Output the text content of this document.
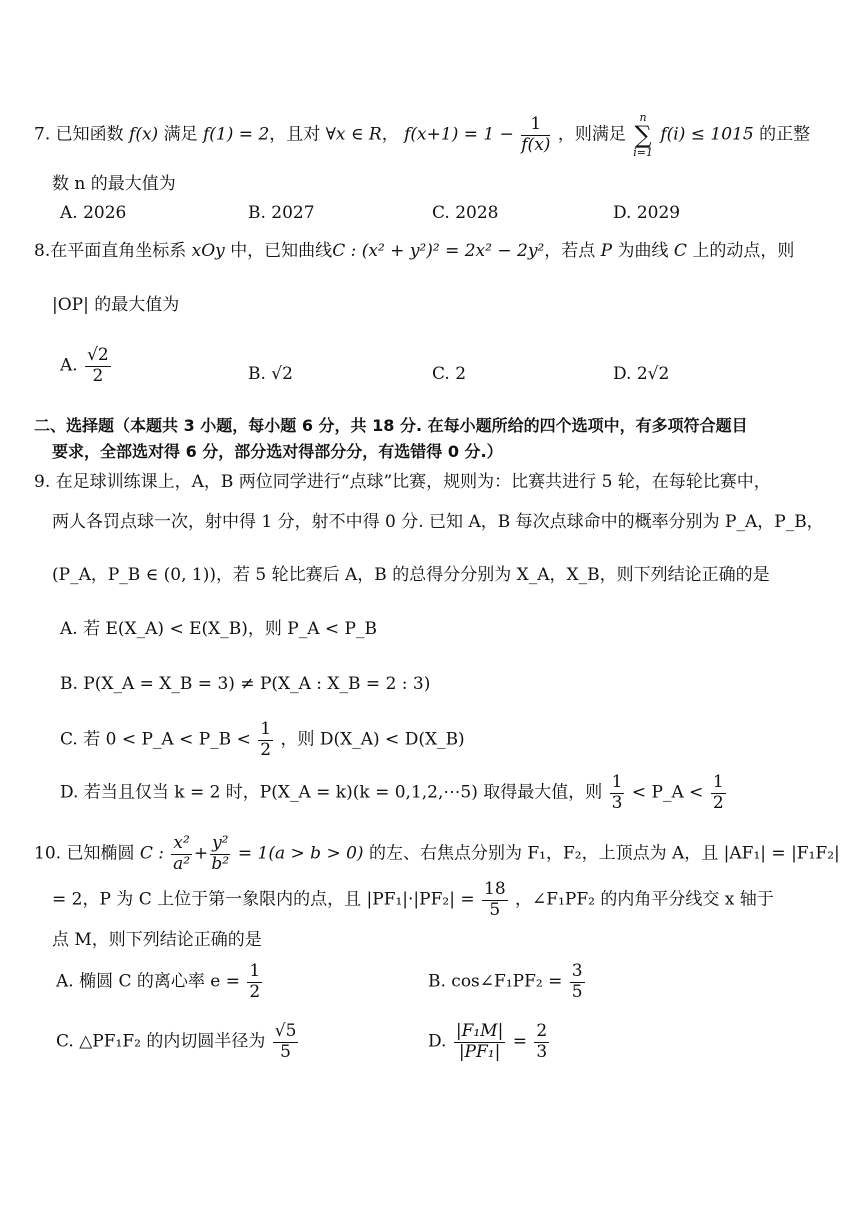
7. 已知函数 f(x) 满足 f(1) = 2，且对 ∀x ∈ R， $f(x+1) = 1 - \frac{1}{f(x)}$ ，则满足 n
∑
i=1 f(i) ≤ 1015 的正整
数 n 的最大值为
A. 2026	B. 2027	C. 2028	D. 2029
8.在平面直角坐标系 xOy 中，已知曲线C : (x² + y²)² = 2x² − 2y²，若点 P 为曲线 C 上的动点，则
|OP| 的最大值为
A. $\frac{√2}{2}$	B. √2	C. 2	D. 2√2
二、选择题（本题共 3 小题，每小题 6 分，共 18 分. 在每小题所给的四个选项中，有多项符合题目
要求，全部选对得 6 分，部分选对得部分分，有选错得 0 分.）
9. 在足球训练课上，A，B 两位同学进行“点球”比赛，规则为：比赛共进行 5 轮，在每轮比赛中，
两人各罚点球一次，射中得 1 分，射不中得 0 分. 已知 A，B 每次点球命中的概率分别为 P_A，P_B，
(P_A，P_B ∈ (0, 1))，若 5 轮比赛后 A，B 的总得分分别为 X_A，X_B，则下列结论正确的是
A. 若 E(X_A) < E(X_B)，则 P_A < P_B
B. P(X_A = X_B = 3) ≠ P(X_A : X_B = 2 : 3)
C. 若 0 < P_A < P_B < $\frac{1}{2}$ ，则 D(X_A) < D(X_B)
D. 若当且仅当 k = 2 时，P(X_A = k)(k = 0,1,2,⋯5) 取得最大值，则 $\frac{1}{3}$ < P_A < $\frac{1}{2}$
10. 已知椭圆 C : $\frac{\text{x²}}{\text{a²}} + \frac{\text{y²}}{\text{b²}} = 1(a > b > 0)$ 的左、右焦点分别为 F₁，F₂，上顶点为 A，且 |AF₁| = |F₁F₂|
= 2，P 为 C 上位于第一象限内的点，且 $|PF_1|\cdot|PF_2| = \frac{18}{5}$ ，∠F₁PF₂ 的内角平分线交 x 轴于
点 M，则下列结论正确的是
A. 椭圆 C 的离心率 $e = \frac{1}{2}$	B. cos∠F₁PF₂ = $\frac{3}{5}$
C. △PF₁F₂ 的内切圆半径为 $\frac{√5}{5}$	D. $\frac{\text{|F₁M|}}{\text{|PF₁|}} = \frac{2}{3}$
